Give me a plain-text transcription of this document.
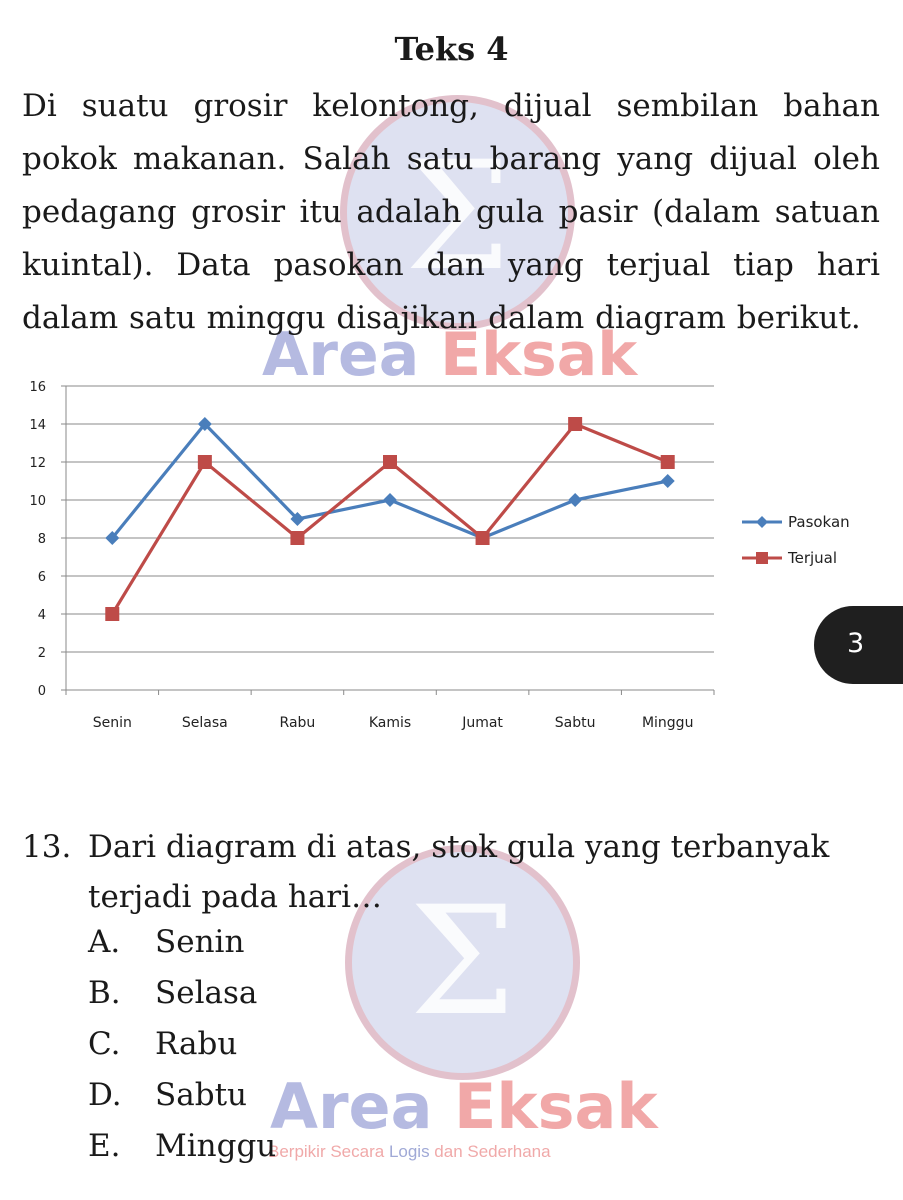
Σ
Area Eksak
Σ
Area Eksak
Berpikir Secara Logis dan Sederhana
Teks 4

Di suatu grosir kelontong, dijual sembilan bahan pokok makanan. Salah satu barang yang dijual oleh pedagang grosir itu adalah gula pasir (dalam satuan kuintal). Data pasokan dan yang terjual tiap hari dalam satu minggu disajikan dalam diagram berikut.

0
2
4
6
8
10
12
14
16
Senin	Selasa	Rabu	Kamis	Jumat	Sabtu	Minggu
Pasokan
Terjual
3
13. Dari diagram di atas, stok gula yang terbanyak terjadi pada hari…
A. Senin
B. Selasa
C. Rabu
D. Sabtu
E. Minggu
